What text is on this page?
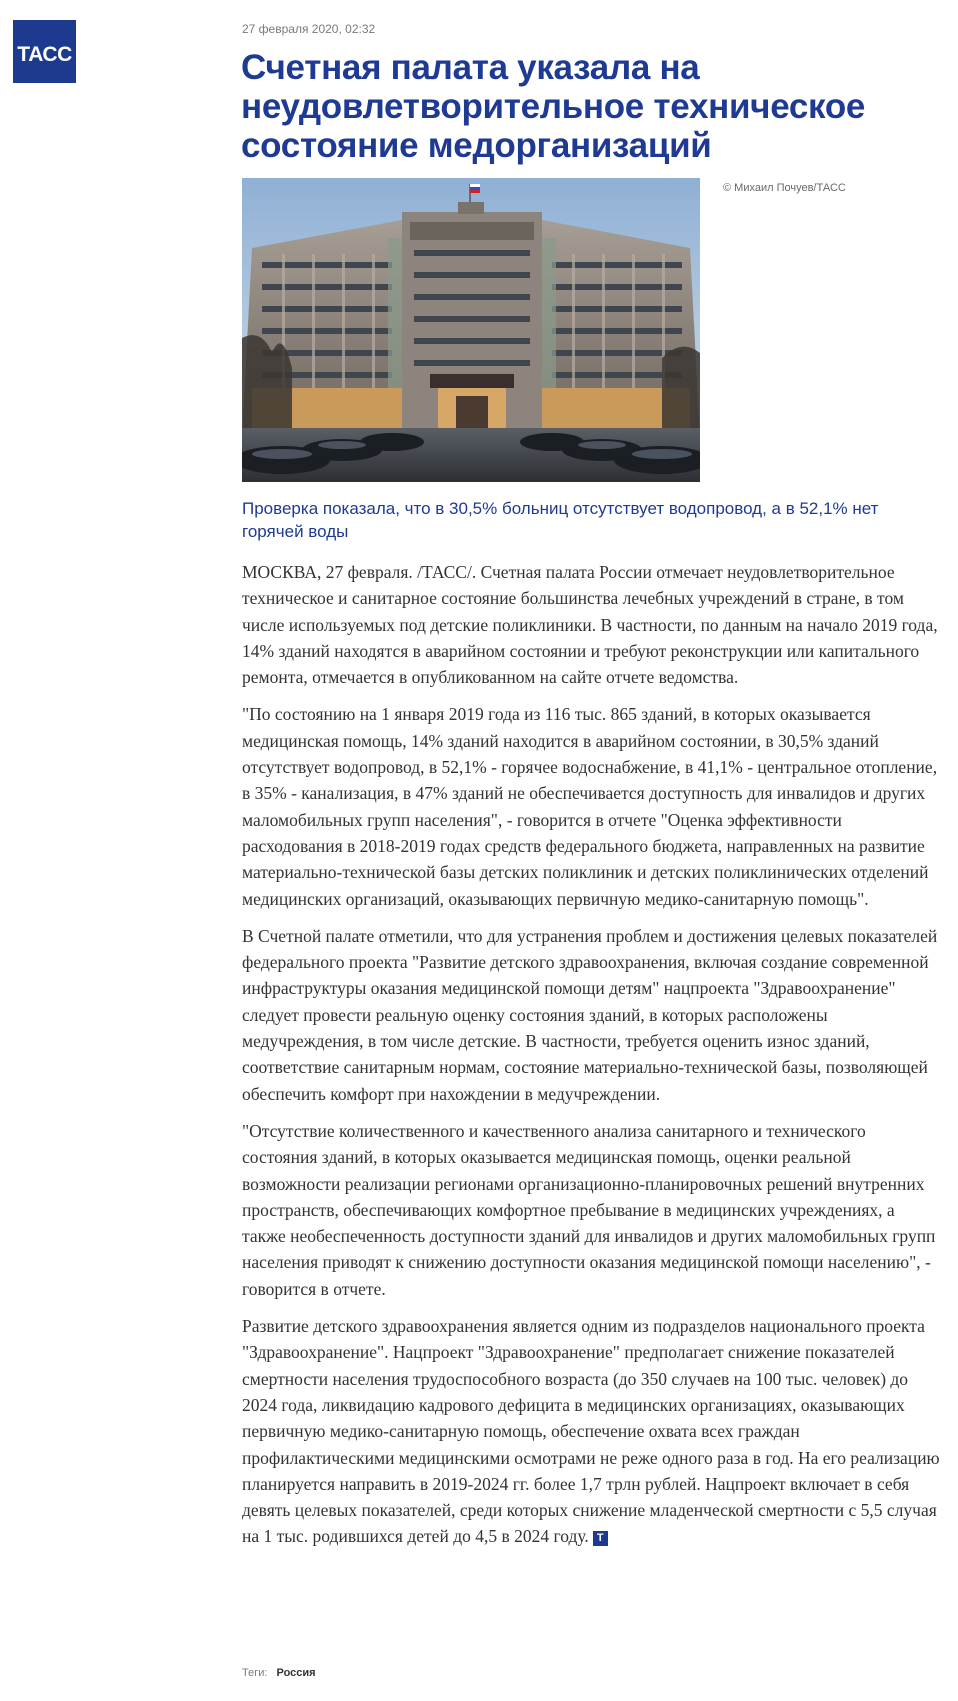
ТАСС
27 февраля 2020, 02:32
Счетная палата указала на неудовлетворительное техническое состояние медорганизаций
© Михаил Почуев/ТАСС

Проверка показала, что в 30,5% больниц отсутствует водопровод, а в 52,1% нет горячей воды

МОСКВА, 27 февраля. /ТАСС/. Счетная палата России отмечает неудовлетворительное техническое и санитарное состояние большинства лечебных учреждений в стране, в том числе используемых под детские поликлиники. В частности, по данным на начало 2019 года, 14% зданий находятся в аварийном состоянии и требуют реконструкции или капитального ремонта, отмечается в опубликованном на сайте отчете ведомства.

"По состоянию на 1 января 2019 года из 116 тыс. 865 зданий, в которых оказывается медицинская помощь, 14% зданий находится в аварийном состоянии, в 30,5% зданий отсутствует водопровод, в 52,1% - горячее водоснабжение, в 41,1% - центральное отопление, в 35% - канализация, в 47% зданий не обеспечивается доступность для инвалидов и других маломобильных групп населения", - говорится в отчете "Оценка эффективности расходования в 2018-2019 годах средств федерального бюджета, направленных на развитие материально-технической базы детских поликлиник и детских поликлинических отделений медицинских организаций, оказывающих первичную медико-санитарную помощь".

В Счетной палате отметили, что для устранения проблем и достижения целевых показателей федерального проекта "Развитие детского здравоохранения, включая создание современной инфраструктуры оказания медицинской помощи детям" нацпроекта "Здравоохранение" следует провести реальную оценку состояния зданий, в которых расположены медучреждения, в том числе детские. В частности, требуется оценить износ зданий, соответствие санитарным нормам, состояние материально-технической базы, позволяющей обеспечить комфорт при нахождении в медучреждении.

"Отсутствие количественного и качественного анализа санитарного и технического состояния зданий, в которых оказывается медицинская помощь, оценки реальной возможности реализации регионами организационно-планировочных решений внутренних пространств, обеспечивающих комфортное пребывание в медицинских учреждениях, а также необеспеченность доступности зданий для инвалидов и других маломобильных групп населения приводят к снижению доступности оказания медицинской помощи населению", - говорится в отчете.

Развитие детского здравоохранения является одним из подразделов национального проекта "Здравоохранение". Нацпроект "Здравоохранение" предполагает снижение показателей смертности населения трудоспособного возраста (до 350 случаев на 100 тыс. человек) до 2024 года, ликвидацию кадрового дефицита в медицинских организациях, оказывающих первичную медико-санитарную помощь, обеспечение охвата всех граждан профилактическими медицинскими осмотрами не реже одного раза в год. На его реализацию планируется направить в 2019-2024 гг. более 1,7 трлн рублей. Нацпроект включает в себя девять целевых показателей, среди которых снижение младенческой смертности с 5,5 случая на 1 тыс. родившихся детей до 4,5 в 2024 году. Т

Теги: Россия
